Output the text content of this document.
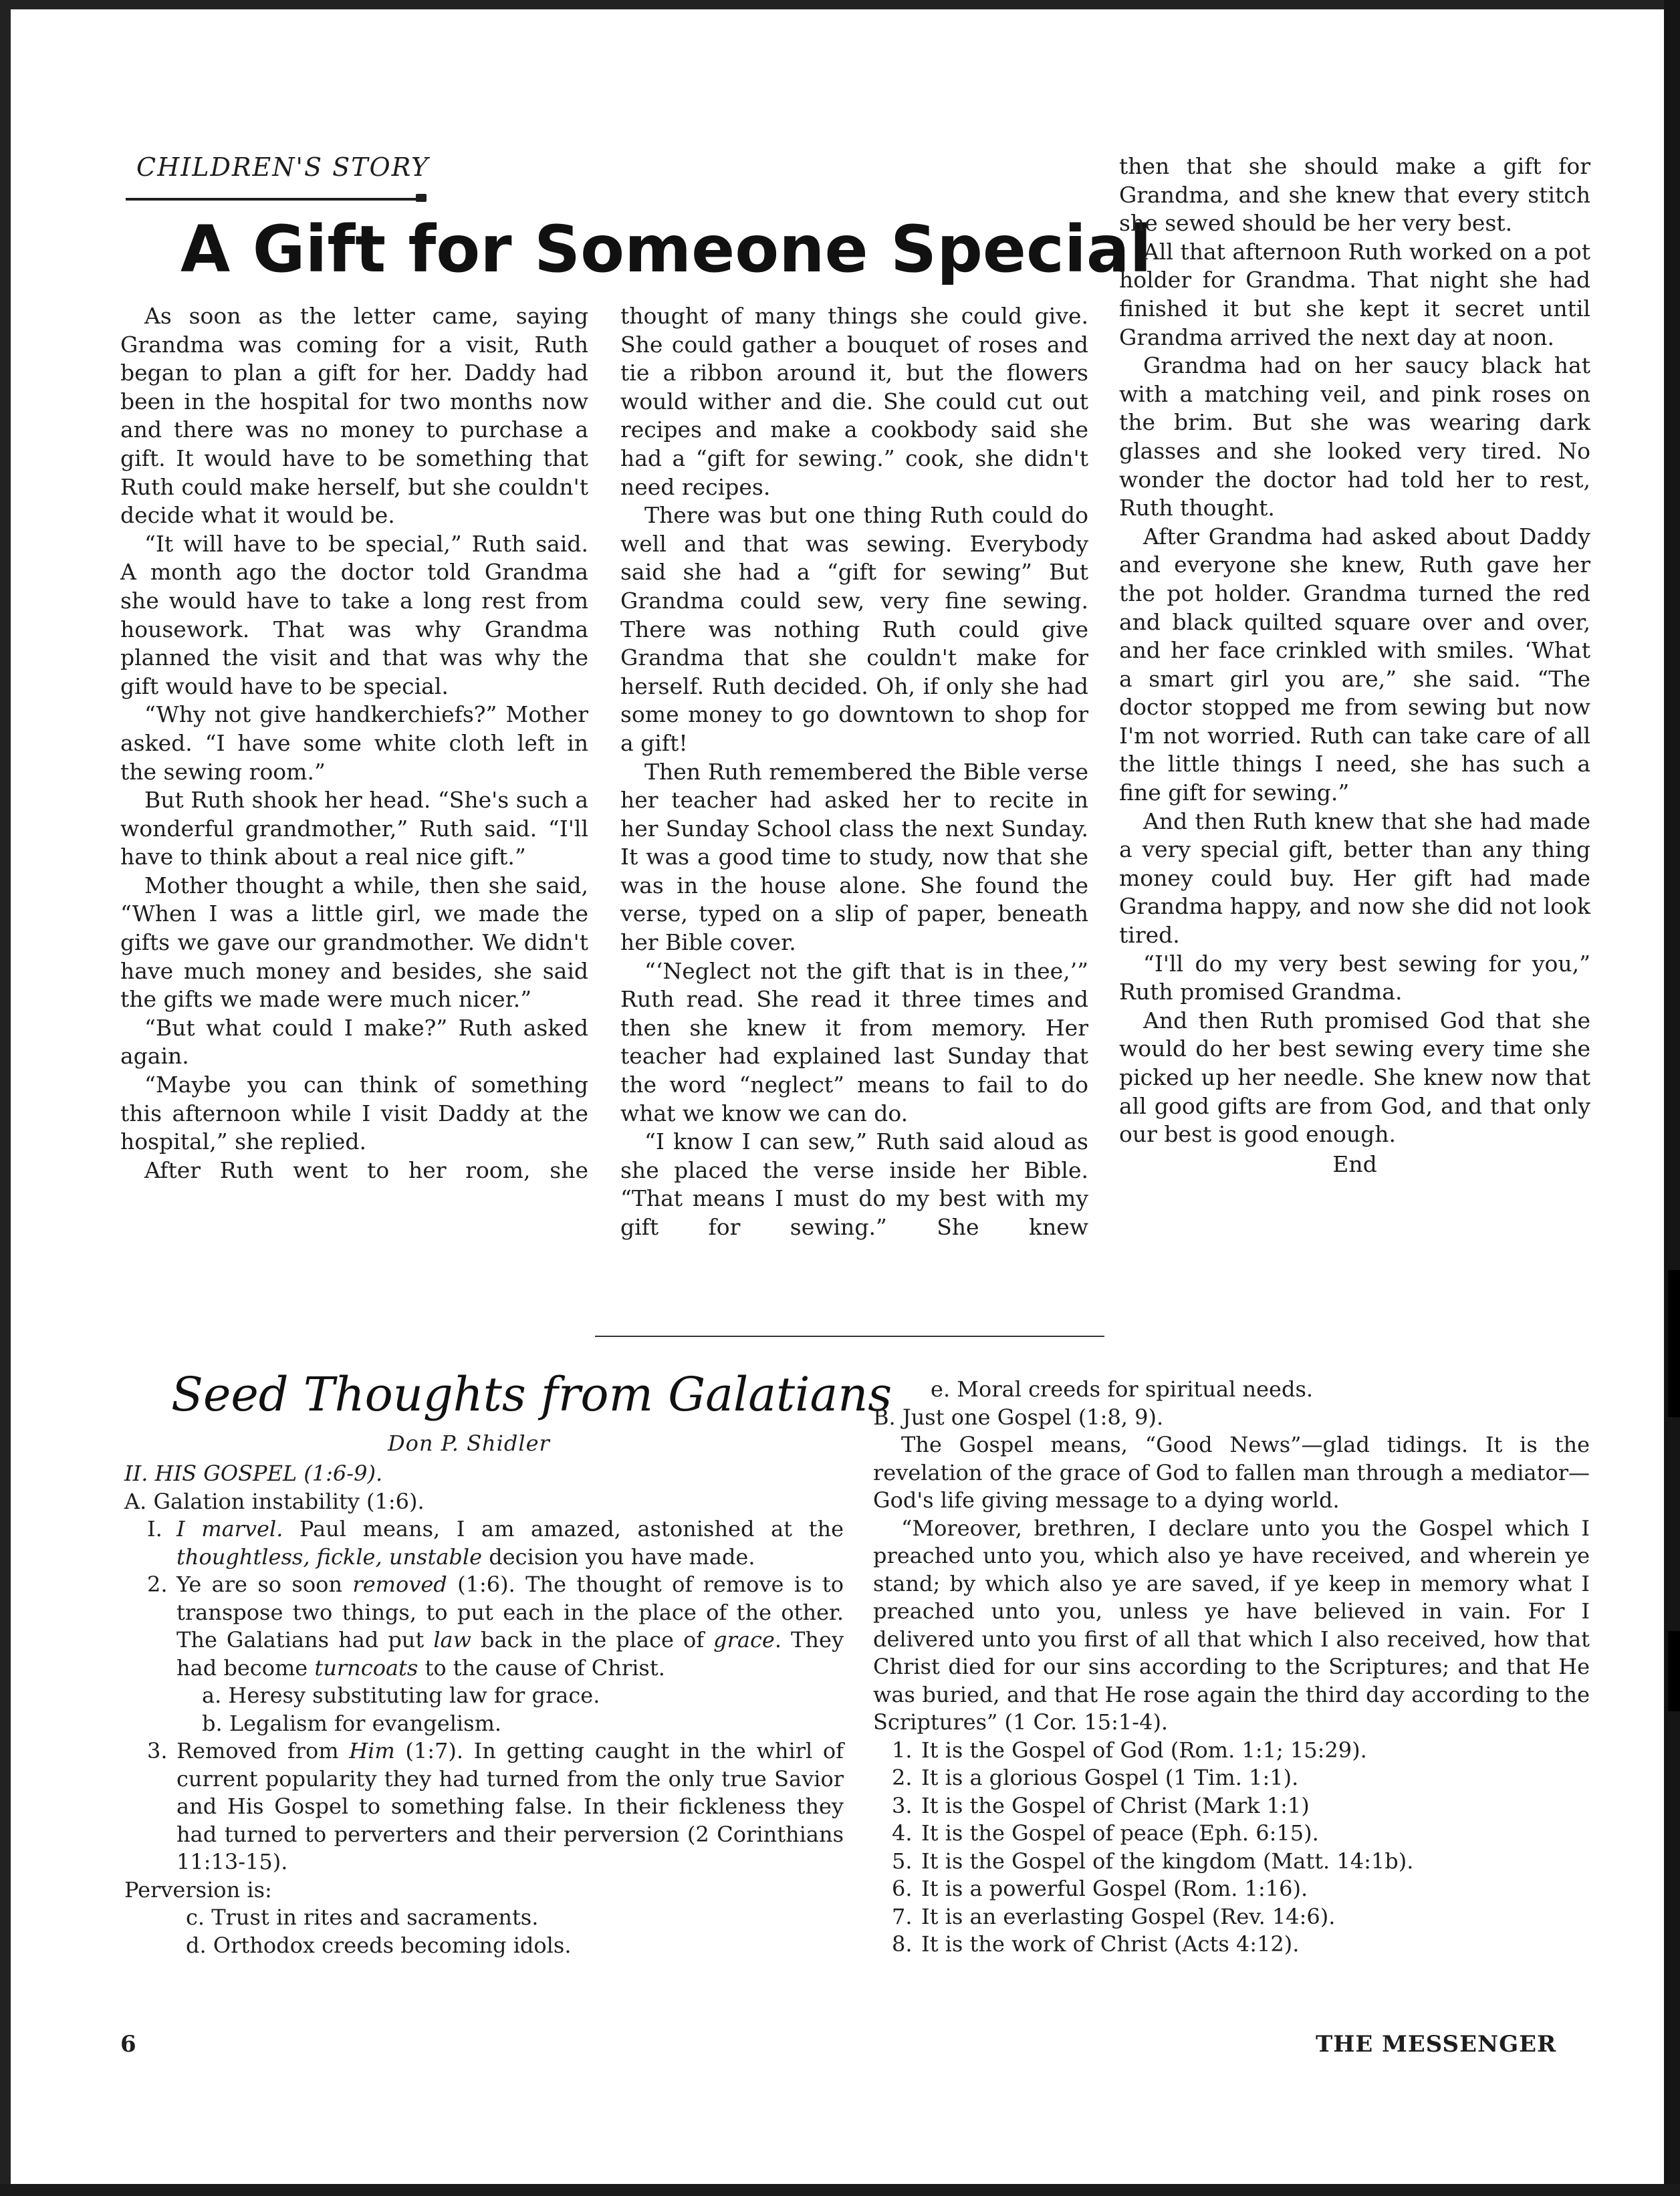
CHILDREN'S STORY
A Gift for Someone Special

As soon as the letter came, saying Grandma was coming for a visit, Ruth began to plan a gift for her. Daddy had been in the hospital for two months now and there was no money to purchase a gift. It would have to be something that Ruth could make herself, but she couldn't decide what it would be.

“It will have to be special,” Ruth said. A month ago the doctor told Grandma she would have to take a long rest from housework. That was why Grandma planned the visit and that was why the gift would have to be special.

“Why not give handkerchiefs?” Mother asked. “I have some white cloth left in the sewing room.”

But Ruth shook her head. “She's such a wonderful grandmother,” Ruth said. “I'll have to think about a real nice gift.”

Mother thought a while, then she said, “When I was a little girl, we made the gifts we gave our grandmother. We didn't have much money and besides, she said the gifts we made were much nicer.”

“But what could I make?” Ruth asked again.

“Maybe you can think of something this afternoon while I visit Daddy at the hospital,” she replied.

After Ruth went to her room, she

thought of many things she could give. She could gather a bouquet of roses and tie a ribbon around it, but the flowers would wither and die. She could cut out recipes and make a cookbody said she had a “gift for sewing.” cook, she didn't need recipes.

There was but one thing Ruth could do well and that was sewing. Everybody said she had a “gift for sewing” But Grandma could sew, very fine sewing. There was nothing Ruth could give Grandma that she couldn't make for herself. Ruth decided. Oh, if only she had some money to go downtown to shop for a gift!

Then Ruth remembered the Bible verse her teacher had asked her to recite in her Sunday School class the next Sunday. It was a good time to study, now that she was in the house alone. She found the verse, typed on a slip of paper, beneath her Bible cover.

“‘Neglect not the gift that is in thee,’” Ruth read. She read it three times and then she knew it from memory. Her teacher had explained last Sunday that the word “neglect” means to fail to do what we know we can do.

“I know I can sew,” Ruth said aloud as she placed the verse inside her Bible. “That means I must do my best with my gift for sewing.” She knew

then that she should make a gift for Grandma, and she knew that every stitch she sewed should be her very best.

All that afternoon Ruth worked on a pot holder for Grandma. That night she had finished it but she kept it secret until Grandma arrived the next day at noon.

Grandma had on her saucy black hat with a matching veil, and pink roses on the brim. But she was wearing dark glasses and she looked very tired. No wonder the doctor had told her to rest, Ruth thought.

After Grandma had asked about Daddy and everyone she knew, Ruth gave her the pot holder. Grandma turned the red and black quilted square over and over, and her face crinkled with smiles. ‘What a smart girl you are,” she said. “The doctor stopped me from sewing but now I'm not worried. Ruth can take care of all the little things I need, she has such a fine gift for sewing.”

And then Ruth knew that she had made a very special gift, better than any thing money could buy. Her gift had made Grandma happy, and now she did not look tired.

“I'll do my very best sewing for you,” Ruth promised Grandma.

And then Ruth promised God that she would do her best sewing every time she picked up her needle. She knew now that all good gifts are from God, and that only our best is good enough.

End

Seed Thoughts from Galatians
Don P. Shidler

II. HIS GOSPEL (1:6-9).

A. Galation instability (1:6).

I. I marvel. Paul means, I am amazed, astonished at the thoughtless, fickle, unstable decision you have made.

2. Ye are so soon removed (1:6). The thought of remove is to transpose two things, to put each in the place of the other. The Galatians had put law back in the place of grace. They had become turncoats to the cause of Christ.

a. Heresy substituting law for grace.

b. Legalism for evangelism.

3. Removed from Him (1:7). In getting caught in the whirl of current popularity they had turned from the only true Savior and His Gospel to something false. In their fickleness they had turned to perverters and their perversion (2 Corinthians 11:13-15).

Perversion is:

c. Trust in rites and sacraments.

d. Orthodox creeds becoming idols.

e. Moral creeds for spiritual needs.

B. Just one Gospel (1:8, 9).

The Gospel means, “Good News”—glad tidings. It is the revelation of the grace of God to fallen man through a mediator—God's life giving message to a dying world.

“Moreover, brethren, I declare unto you the Gospel which I preached unto you, which also ye have received, and wherein ye stand; by which also ye are saved, if ye keep in memory what I preached unto you, unless ye have believed in vain. For I delivered unto you first of all that which I also received, how that Christ died for our sins according to the Scriptures; and that He was buried, and that He rose again the third day according to the Scriptures” (1 Cor. 15:1-4).

1. It is the Gospel of God (Rom. 1:1; 15:29).

2. It is a glorious Gospel (1 Tim. 1:1).

3. It is the Gospel of Christ (Mark 1:1)

4. It is the Gospel of peace (Eph. 6:15).

5. It is the Gospel of the kingdom (Matt. 14:1b).

6. It is a powerful Gospel (Rom. 1:16).

7. It is an everlasting Gospel (Rev. 14:6).

8. It is the work of Christ (Acts 4:12).

6	THE MESSENGER
